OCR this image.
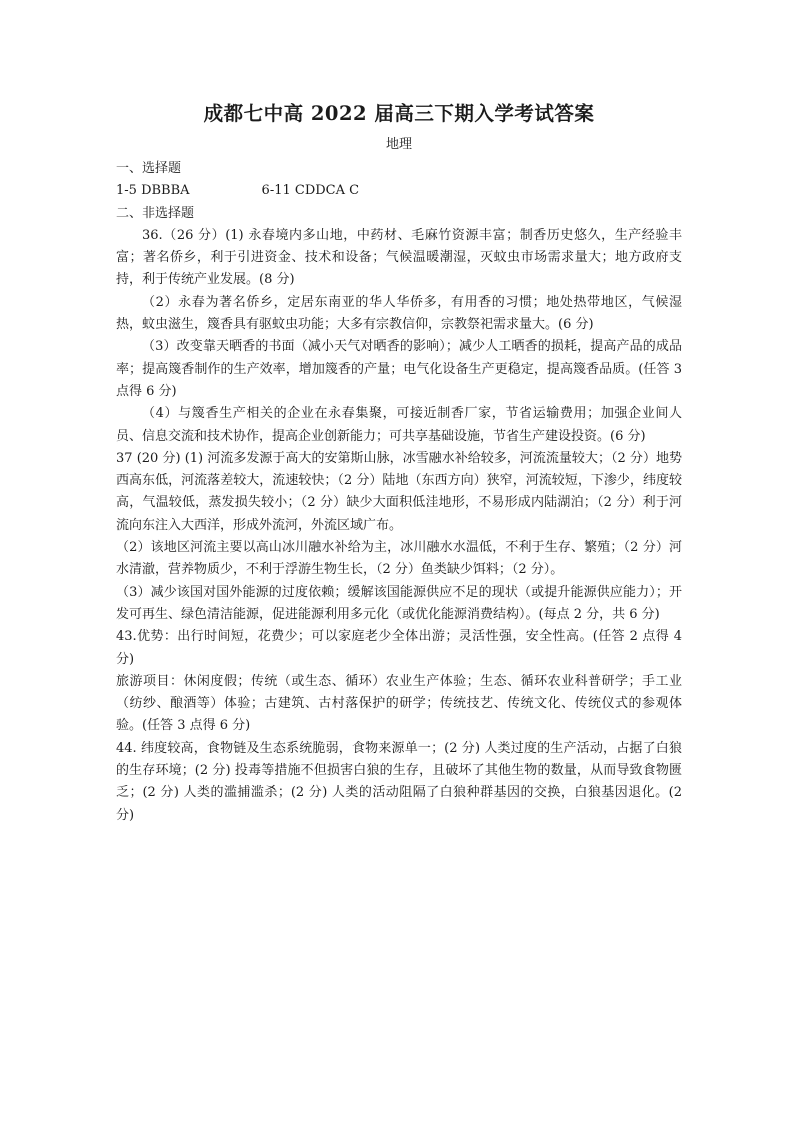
成都七中高 2022 届高三下期入学考试答案
地理

一、选择题

1-5 DBBBA	6-11 CDDCA C

二、非选择题

36.（26 分）(1) 永春境内多山地，中药材、毛麻竹资源丰富；制香历史悠久，生产经验丰富；著名侨乡，利于引进资金、技术和设备；气候温暖潮湿，灭蚊虫市场需求量大；地方政府支持，利于传统产业发展。(8 分)

（2）永春为著名侨乡，定居东南亚的华人华侨多，有用香的习惯；地处热带地区，气候湿热，蚊虫滋生，篾香具有驱蚊虫功能；大多有宗教信仰，宗教祭祀需求量大。(6 分)

（3）改变靠天晒香的书面（减小天气对晒香的影响）；减少人工晒香的损耗，提高产品的成品率；提高篾香制作的生产效率，增加篾香的产量；电气化设备生产更稳定，提高篾香品质。(任答 3 点得 6 分)

（4）与篾香生产相关的企业在永春集聚，可接近制香厂家，节省运输费用；加强企业间人员、信息交流和技术协作，提高企业创新能力；可共享基础设施，节省生产建设投资。(6 分)

37 (20 分) (1) 河流多发源于高大的安第斯山脉，冰雪融水补给较多，河流流量较大；（2 分）地势西高东低，河流落差较大，流速较快；（2 分）陆地（东西方向）狭窄，河流较短，下渗少，纬度较高，气温较低，蒸发损失较小；（2 分）缺少大面积低洼地形，不易形成内陆湖泊；（2 分）利于河流向东注入大西洋，形成外流河，外流区域广布。

（2）该地区河流主要以高山冰川融水补给为主，冰川融水水温低，不利于生存、繁殖；（2 分）河水清澈，营养物质少，不利于浮游生物生长，（2 分）鱼类缺少饵料；（2 分）。

（3）减少该国对国外能源的过度依赖；缓解该国能源供应不足的现状（或提升能源供应能力）；开发可再生、绿色清洁能源，促进能源利用多元化（或优化能源消费结构）。(每点 2 分，共 6 分)

43.优势：出行时间短，花费少；可以家庭老少全体出游；灵活性强，安全性高。(任答 2 点得 4 分)

旅游项目：休闲度假；传统（或生态、循环）农业生产体验；生态、循环农业科普研学；手工业（纺纱、酿酒等）体验；古建筑、古村落保护的研学；传统技艺、传统文化、传统仪式的参观体验。(任答 3 点得 6 分)

44. 纬度较高，食物链及生态系统脆弱，食物来源单一；(2 分) 人类过度的生产活动，占据了白狼的生存环境；(2 分) 投毒等措施不但损害白狼的生存，且破坏了其他生物的数量，从而导致食物匮乏；(2 分) 人类的滥捕滥杀；(2 分) 人类的活动阻隔了白狼种群基因的交换，白狼基因退化。(2 分)
